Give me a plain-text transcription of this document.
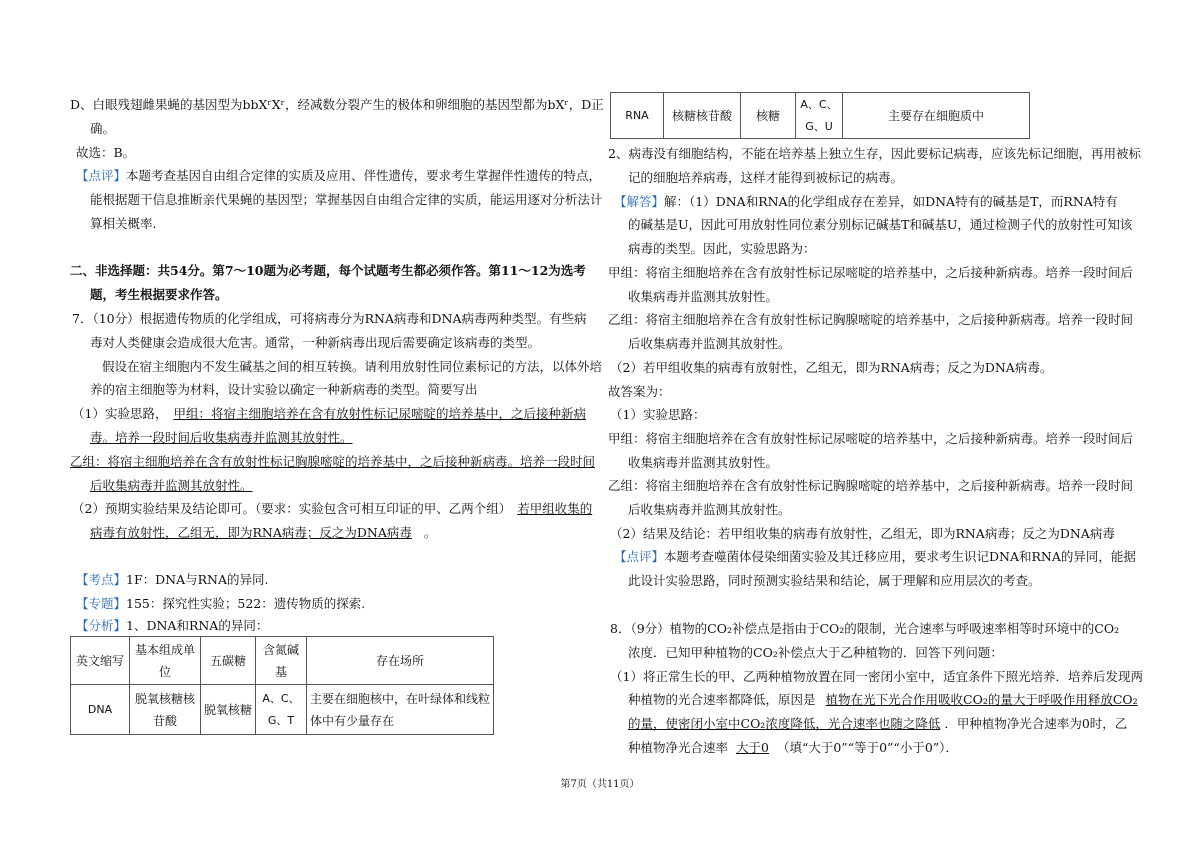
D、白眼残翅雌果蝇的基因型为bbXʳXʳ，经减数分裂产生的极体和卵细胞的基因型都为bXʳ，D正
确。
故选：B。
【点评】本题考查基因自由组合定律的实质及应用、伴性遗传，要求考生掌握伴性遗传的特点，
能根据题干信息推断亲代果蝇的基因型；掌握基因自由组合定律的实质，能运用逐对分析法计
算相关概率.
二、非选择题：共54分。第7～10题为必考题，每个试题考生都必须作答。第11～12为选考
题，考生根据要求作答。
7．（10分）根据遗传物质的化学组成，可将病毒分为RNA病毒和DNA病毒两种类型。有些病
毒对人类健康会造成很大危害。通常，一种新病毒出现后需要确定该病毒的类型。
假设在宿主细胞内不发生碱基之间的相互转换。请利用放射性同位素标记的方法，以体外培
养的宿主细胞等为材料，设计实验以确定一种新病毒的类型。简要写出
（1）实验思路， 甲组：将宿主细胞培养在含有放射性标记尿嘧啶的培养基中，之后接种新病
毒。培养一段时间后收集病毒并监测其放射性。
乙组：将宿主细胞培养在含有放射性标记胸腺嘧啶的培养基中，之后接种新病毒。培养一段时间
后收集病毒并监测其放射性。
（2）预期实验结果及结论即可。（要求：实验包含可相互印证的甲、乙两个组） 若甲组收集的
病毒有放射性，乙组无，即为RNA病毒；反之为DNA病毒 。
【考点】1F：DNA与RNA的异同.
【专题】155：探究性实验；522：遗传物质的探索.
【分析】1、DNA和RNA的异同：
英文缩写	基本组成单位	五碳糖	含氮碱基	存在场所
DNA	脱氧核糖核苷酸	脱氧核糖	A、C、G、T	主要在细胞核中，在叶绿体和线粒体中有少量存在
RNA	核糖核苷酸	核糖	A、C、G、U	主要存在细胞质中
2、病毒没有细胞结构，不能在培养基上独立生存，因此要标记病毒，应该先标记细胞，再用被标
记的细胞培养病毒，这样才能得到被标记的病毒。
【解答】解：（1）DNA和RNA的化学组成存在差异，如DNA特有的碱基是T，而RNA特有
的碱基是U，因此可用放射性同位素分别标记碱基T和碱基U，通过检测子代的放射性可知该
病毒的类型。因此，实验思路为：
甲组：将宿主细胞培养在含有放射性标记尿嘧啶的培养基中，之后接种新病毒。培养一段时间后
收集病毒并监测其放射性。
乙组：将宿主细胞培养在含有放射性标记胸腺嘧啶的培养基中，之后接种新病毒。培养一段时间
后收集病毒并监测其放射性。
（2）若甲组收集的病毒有放射性，乙组无，即为RNA病毒；反之为DNA病毒。
故答案为：
（1）实验思路：
甲组：将宿主细胞培养在含有放射性标记尿嘧啶的培养基中，之后接种新病毒。培养一段时间后
收集病毒并监测其放射性。
乙组：将宿主细胞培养在含有放射性标记胸腺嘧啶的培养基中，之后接种新病毒。培养一段时间
后收集病毒并监测其放射性。
（2）结果及结论：若甲组收集的病毒有放射性，乙组无，即为RNA病毒；反之为DNA病毒
【点评】本题考查噬菌体侵染细菌实验及其迁移应用，要求考生识记DNA和RNA的异同，能据
此设计实验思路，同时预测实验结果和结论，属于理解和应用层次的考查。
8．（9分）植物的CO₂补偿点是指由于CO₂的限制，光合速率与呼吸速率相等时环境中的CO₂
浓度．已知甲种植物的CO₂补偿点大于乙种植物的．回答下列问题：
（1）将正常生长的甲、乙两种植物放置在同一密闭小室中，适宜条件下照光培养．培养后发现两
种植物的光合速率都降低，原因是 植物在光下光合作用吸收CO₂的量大于呼吸作用释放CO₂
的量，使密闭小室中CO₂浓度降低，光合速率也随之降低 ．甲种植物净光合速率为0时，乙
种植物净光合速率 大于0 （填“大于0”“等于0”“小于0”）．
第7页（共11页）
